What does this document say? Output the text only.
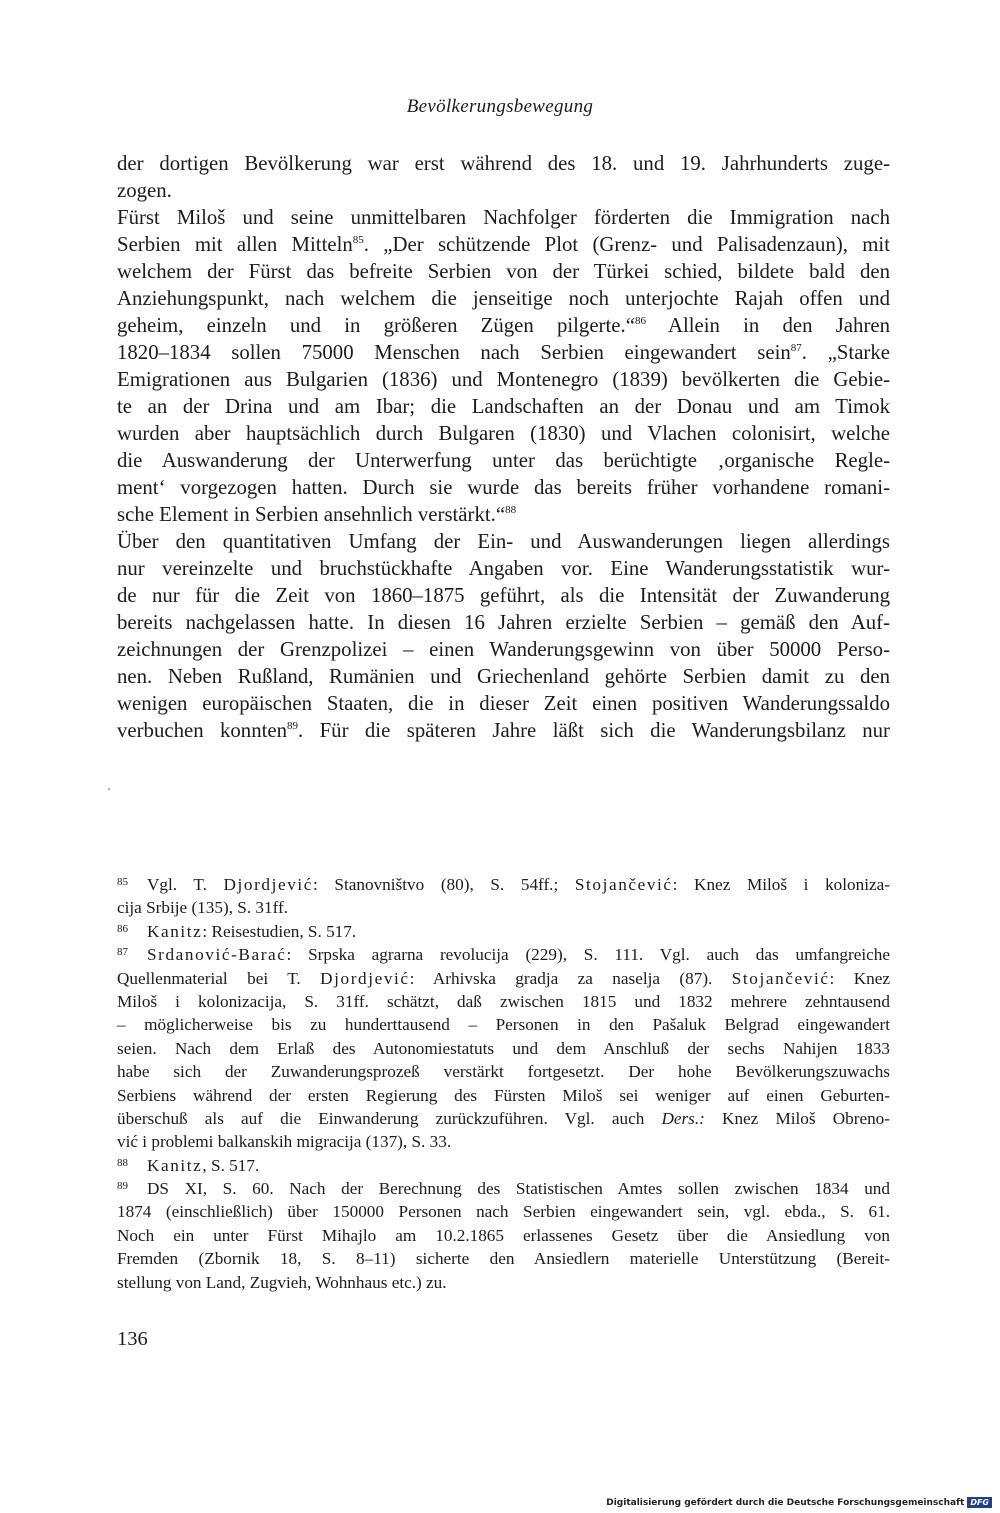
Bevölkerungsbewegung
der dortigen Bevölkerung war erst während des 18. und 19. Jahrhunderts zuge-
zogen.
Fürst Miloš und seine unmittelbaren Nachfolger förderten die Immigration nach
Serbien mit allen Mitteln$^{85}$. „Der schützende Plot (Grenz- und Palisadenzaun), mit
welchem der Fürst das befreite Serbien von der Türkei schied, bildete bald den
Anziehungspunkt, nach welchem die jenseitige noch unterjochte Rajah offen und
geheim, einzeln und in größeren Zügen pilgerte.“$^{86}$ Allein in den Jahren
1820–1834 sollen 75000 Menschen nach Serbien eingewandert sein$^{87}$. „Starke
Emigrationen aus Bulgarien (1836) und Montenegro (1839) bevölkerten die Gebie-
te an der Drina und am Ibar; die Landschaften an der Donau und am Timok
wurden aber hauptsächlich durch Bulgaren (1830) und Vlachen colonisirt, welche
die Auswanderung der Unterwerfung unter das berüchtigte ‚organische Regle-
ment‘ vorgezogen hatten. Durch sie wurde das bereits früher vorhandene romani-
sche Element in Serbien ansehnlich verstärkt.“$^{88}$
Über den quantitativen Umfang der Ein- und Auswanderungen liegen allerdings
nur vereinzelte und bruchstückhafte Angaben vor. Eine Wanderungsstatistik wur-
de nur für die Zeit von 1860–1875 geführt, als die Intensität der Zuwanderung
bereits nachgelassen hatte. In diesen 16 Jahren erzielte Serbien – gemäß den Auf-
zeichnungen der Grenzpolizei – einen Wanderungsgewinn von über 50000 Perso-
nen. Neben Rußland, Rumänien und Griechenland gehörte Serbien damit zu den
wenigen europäischen Staaten, die in dieser Zeit einen positiven Wanderungssaldo
verbuchen konnten$^{89}$. Für die späteren Jahre läßt sich die Wanderungsbilanz nur
85 Vgl. T. Djordjević: Stanovništvo (80), S. 54ff.; Stojančević: Knez Miloš i koloniza-
cija Srbije (135), S. 31ff.
86 Kanitz: Reisestudien, S. 517.
87 Srdanović-Barać: Srpska agrarna revolucija (229), S. 111. Vgl. auch das umfangreiche
Quellenmaterial bei T. Djordjević: Arhivska gradja za naselja (87). Stojančević: Knez
Miloš i kolonizacija, S. 31ff. schätzt, daß zwischen 1815 und 1832 mehrere zehntausend
– möglicherweise bis zu hunderttausend – Personen in den Pašaluk Belgrad eingewandert
seien. Nach dem Erlaß des Autonomiestatuts und dem Anschluß der sechs Nahijen 1833
habe sich der Zuwanderungsprozeß verstärkt fortgesetzt. Der hohe Bevölkerungszuwachs
Serbiens während der ersten Regierung des Fürsten Miloš sei weniger auf einen Geburten-
überschuß als auf die Einwanderung zurückzuführen. Vgl. auch Ders.: Knez Miloš Obreno-
vić i problemi balkanskih migracija (137), S. 33.
88 Kanitz, S. 517.
89 DS XI, S. 60. Nach der Berechnung des Statistischen Amtes sollen zwischen 1834 und
1874 (einschließlich) über 150000 Personen nach Serbien eingewandert sein, vgl. ebda., S. 61.
Noch ein unter Fürst Mihajlo am 10.2.1865 erlassenes Gesetz über die Ansiedlung von
Fremden (Zbornik 18, S. 8–11) sicherte den Ansiedlern materielle Unterstützung (Bereit-
stellung von Land, Zugvieh, Wohnhaus etc.) zu.
136
Digitalisierung gefördert durch die Deutsche Forschungsgemeinschaft DFG
